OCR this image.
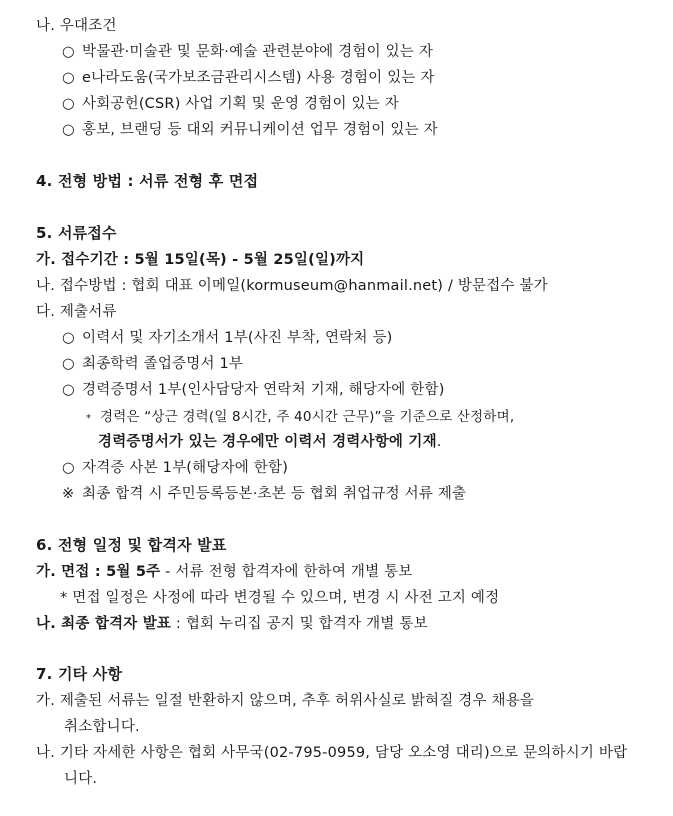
나. 우대조건
○ 박물관·미술관 및 문화·예술 관련분야에 경험이 있는 자
○ e나라도움(국가보조금관리시스템) 사용 경험이 있는 자
○ 사회공헌(CSR) 사업 기획 및 운영 경험이 있는 자
○ 홍보, 브랜딩 등 대외 커뮤니케이션 업무 경험이 있는 자
4. 전형 방법 : 서류 전형 후 면접
5. 서류접수
가. 접수기간 : 5월 15일(목) - 5월 25일(일)까지
나. 접수방법 : 협회 대표 이메일(kormuseum@hanmail.net) / 방문접수 불가
다. 제출서류
○ 이력서 및 자기소개서 1부(사진 부착, 연락처 등)
○ 최종학력 졸업증명서 1부
○ 경력증명서 1부(인사담당자 연락처 기재, 해당자에 한함)
* 경력은 “상근 경력(일 8시간, 주 40시간 근무)”을 기준으로 산정하며,
경력증명서가 있는 경우에만 이력서 경력사항에 기재.
○ 자격증 사본 1부(해당자에 한함)
※ 최종 합격 시 주민등록등본·초본 등 협회 취업규정 서류 제출
6. 전형 일정 및 합격자 발표
가. 면접 : 5월 5주 - 서류 전형 합격자에 한하여 개별 통보
* 면접 일정은 사정에 따라 변경될 수 있으며, 변경 시 사전 고지 예정
나. 최종 합격자 발표 : 협회 누리집 공지 및 합격자 개별 통보
7. 기타 사항
가. 제출된 서류는 일절 반환하지 않으며, 추후 허위사실로 밝혀질 경우 채용을
취소합니다.
나. 기타 자세한 사항은 협회 사무국(02-795-0959, 담당 오소영 대리)으로 문의하시기 바랍
니다.
